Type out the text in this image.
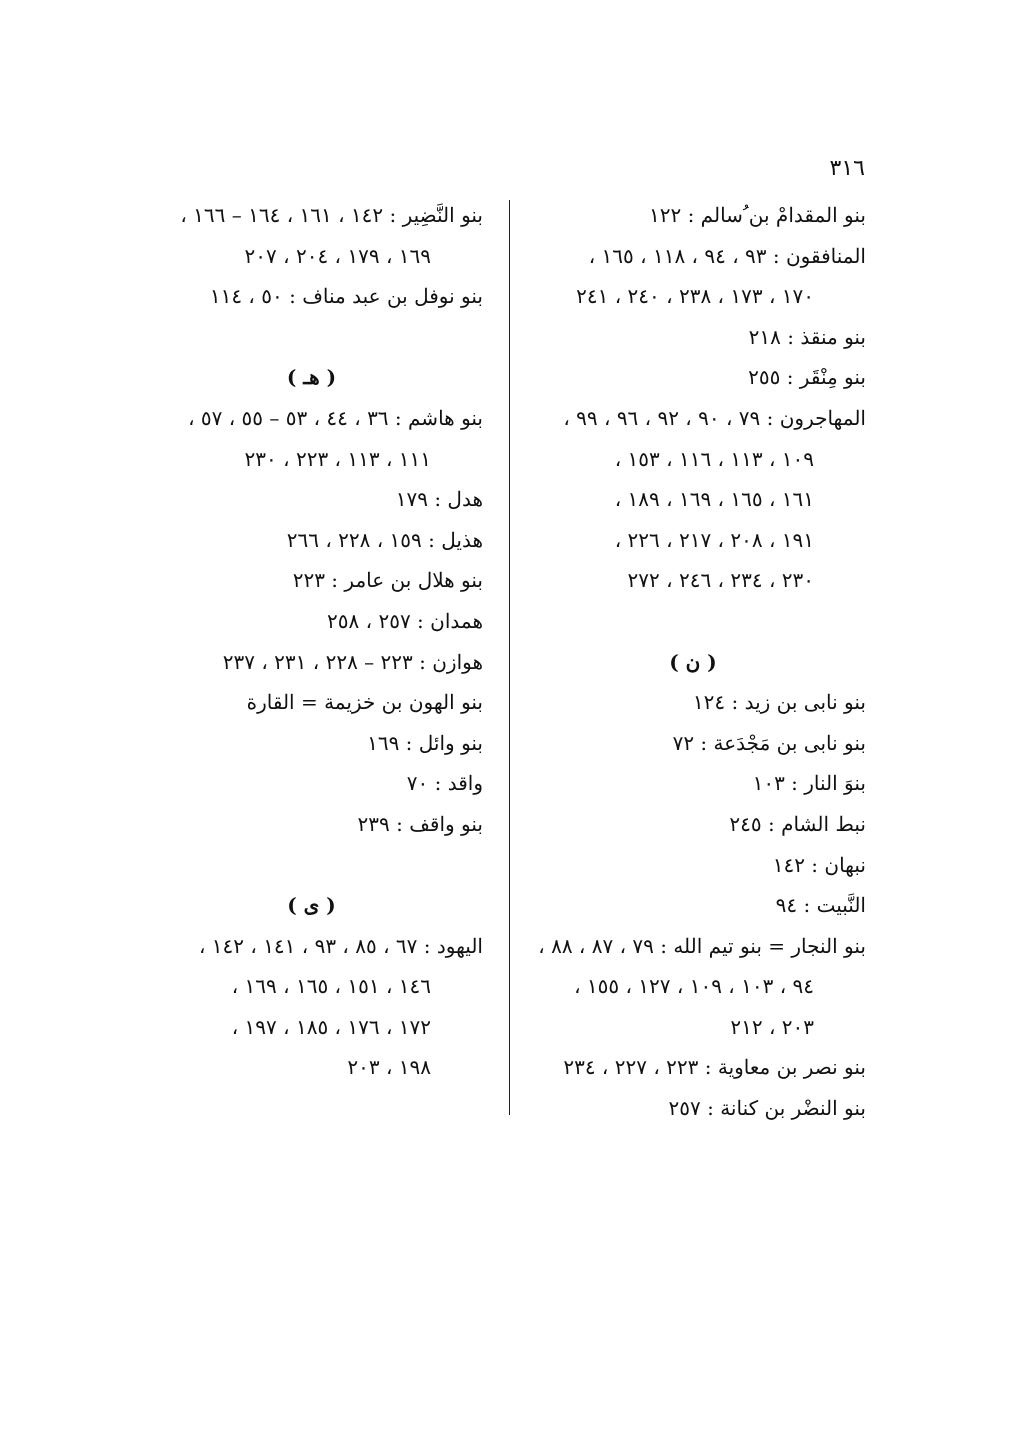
٣١٦
بنو المقدامْ بن ُسالم : ١٢٢
المنافقون : ٩٣ ، ٩٤ ، ١١٨ ، ١٦٥ ،
١٧٠ ، ١٧٣ ، ٢٣٨ ، ٢٤٠ ، ٢٤١
بنو منقذ : ٢١٨
بنو مِنْقَر : ٢٥٥
المهاجرون : ٧٩ ، ٩٠ ، ٩٢ ، ٩٦ ، ٩٩ ،
١٠٩ ، ١١٣ ، ١١٦ ، ١٥٣ ،
١٦١ ، ١٦٥ ، ١٦٩ ، ١٨٩ ،
١٩١ ، ٢٠٨ ، ٢١٧ ، ٢٢٦ ،
٢٣٠ ، ٢٣٤ ، ٢٤٦ ، ٢٧٢
( ن )
بنو نابى بن زيد : ١٢٤
بنو نابى بن مَجْدَعة : ٧٢
بنوَ النار : ١٠٣
نبط الشام : ٢٤٥
نبهان : ١٤٢
النَّبيت : ٩٤
بنو النجار = بنو تيم الله : ٧٩ ، ٨٧ ، ٨٨ ،
٩٤ ، ١٠٣ ، ١٠٩ ، ١٢٧ ، ١٥٥ ،
٢٠٣ ، ٢١٢
بنو نصر بن معاوية : ٢٢٣ ، ٢٢٧ ، ٢٣٤
بنو النضْر بن كنانة : ٢٥٧
بنو النَّضِير : ١٤٢ ، ١٦١ ، ١٦٤ – ١٦٦ ،
١٦٩ ، ١٧٩ ، ٢٠٤ ، ٢٠٧
بنو نوفل بن عبد مناف : ٥٠ ، ١١٤
( هـ )
بنو هاشم : ٣٦ ، ٤٤ ، ٥٣ – ٥٥ ، ٥٧ ،
١١١ ، ١١٣ ، ٢٢٣ ، ٢٣٠
هدل : ١٧٩
هذيل : ١٥٩ ، ٢٢٨ ، ٢٦٦
بنو هلال بن عامر : ٢٢٣
همدان : ٢٥٧ ، ٢٥٨
هوازن : ٢٢٣ – ٢٢٨ ، ٢٣١ ، ٢٣٧
بنو الهون بن خزيمة = القارة
بنو وائل : ١٦٩
واقد : ٧٠
بنو واقف : ٢٣٩
( ى )
اليهود : ٦٧ ، ٨٥ ، ٩٣ ، ١٤١ ، ١٤٢ ،
١٤٦ ، ١٥١ ، ١٦٥ ، ١٦٩ ،
١٧٢ ، ١٧٦ ، ١٨٥ ، ١٩٧ ،
١٩٨ ، ٢٠٣
